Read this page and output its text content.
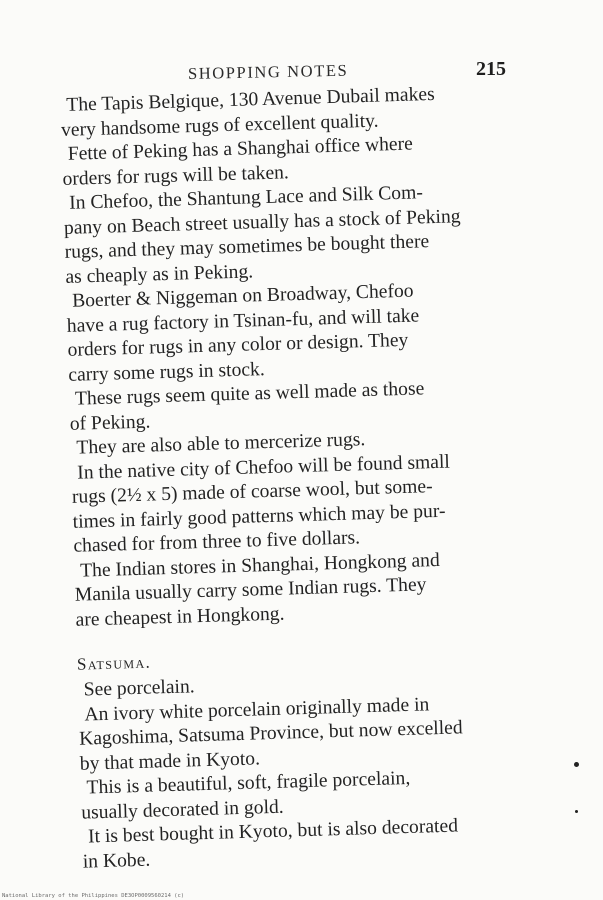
SHOPPING NOTES	215

The Tapis Belgique, 130 Avenue Dubail makes
very handsome rugs of excellent quality.

Fette of Peking has a Shanghai office where
orders for rugs will be taken.

In Chefoo, the Shantung Lace and Silk Com-
pany on Beach street usually has a stock of Peking
rugs, and they may sometimes be bought there
as cheaply as in Peking.

Boerter & Niggeman on Broadway, Chefoo
have a rug factory in Tsinan-fu, and will take
orders for rugs in any color or design. They
carry some rugs in stock.

These rugs seem quite as well made as those
of Peking.

They are also able to mercerize rugs.

In the native city of Chefoo will be found small
rugs (2½ x 5) made of coarse wool, but some-
times in fairly good patterns which may be pur-
chased for from three to five dollars.

The Indian stores in Shanghai, Hongkong and
Manila usually carry some Indian rugs. They
are cheapest in Hongkong.

Satsuma.

See porcelain.

An ivory white porcelain originally made in
Kagoshima, Satsuma Province, but now excelled
by that made in Kyoto.

This is a beautiful, soft, fragile porcelain,
usually decorated in gold.

It is best bought in Kyoto, but is also decorated
in Kobe.

National Library of the Philippines DE3OP0009560214 (c)
